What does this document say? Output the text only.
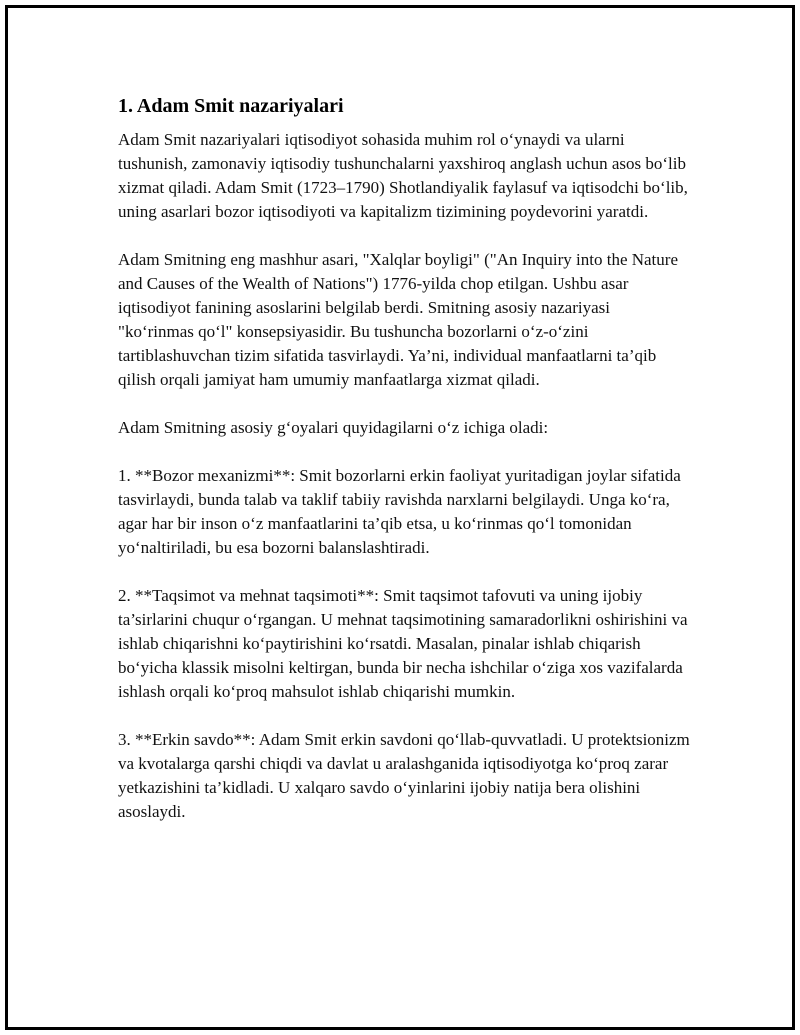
1. Adam Smit nazariyalari

Adam Smit nazariyalari iqtisodiyot sohasida muhim rol o‘ynaydi va ularni tushunish, zamonaviy iqtisodiy tushunchalarni yaxshiroq anglash uchun asos bo‘lib xizmat qiladi. Adam Smit (1723–1790) Shotlandiyalik faylasuf va iqtisodchi bo‘lib, uning asarlari bozor iqtisodiyoti va kapitalizm tizimining poydevorini yaratdi.

Adam Smitning eng mashhur asari, "Xalqlar boyligi" ("An Inquiry into the Nature and Causes of the Wealth of Nations") 1776-yilda chop etilgan. Ushbu asar iqtisodiyot fanining asoslarini belgilab berdi. Smitning asosiy nazariyasi "ko‘rinmas qo‘l" konsepsiyasidir. Bu tushuncha bozorlarni o‘z-o‘zini tartiblashuvchan tizim sifatida tasvirlaydi. Ya’ni, individual manfaatlarni ta’qib qilish orqali jamiyat ham umumiy manfaatlarga xizmat qiladi.

Adam Smitning asosiy g‘oyalari quyidagilarni o‘z ichiga oladi:

1. **Bozor mexanizmi**: Smit bozorlarni erkin faoliyat yuritadigan joylar sifatida tasvirlaydi, bunda talab va taklif tabiiy ravishda narxlarni belgilaydi. Unga ko‘ra, agar har bir inson o‘z manfaatlarini ta’qib etsa, u ko‘rinmas qo‘l tomonidan yo‘naltiriladi, bu esa bozorni balanslashtiradi.

2. **Taqsimot va mehnat taqsimoti**: Smit taqsimot tafovuti va uning ijobiy ta’sirlarini chuqur o‘rgangan. U mehnat taqsimotining samaradorlikni oshirishini va ishlab chiqarishni ko‘paytirishini ko‘rsatdi. Masalan, pinalar ishlab chiqarish bo‘yicha klassik misolni keltirgan, bunda bir necha ishchilar o‘ziga xos vazifalarda ishlash orqali ko‘proq mahsulot ishlab chiqarishi mumkin.

3. **Erkin savdo**: Adam Smit erkin savdoni qo‘llab-quvvatladi. U protektsionizm va kvotalarga qarshi chiqdi va davlat u aralashganida iqtisodiyotga ko‘proq zarar yetkazishini ta’kidladi. U xalqaro savdo o‘yinlarini ijobiy natija bera olishini asoslaydi.
